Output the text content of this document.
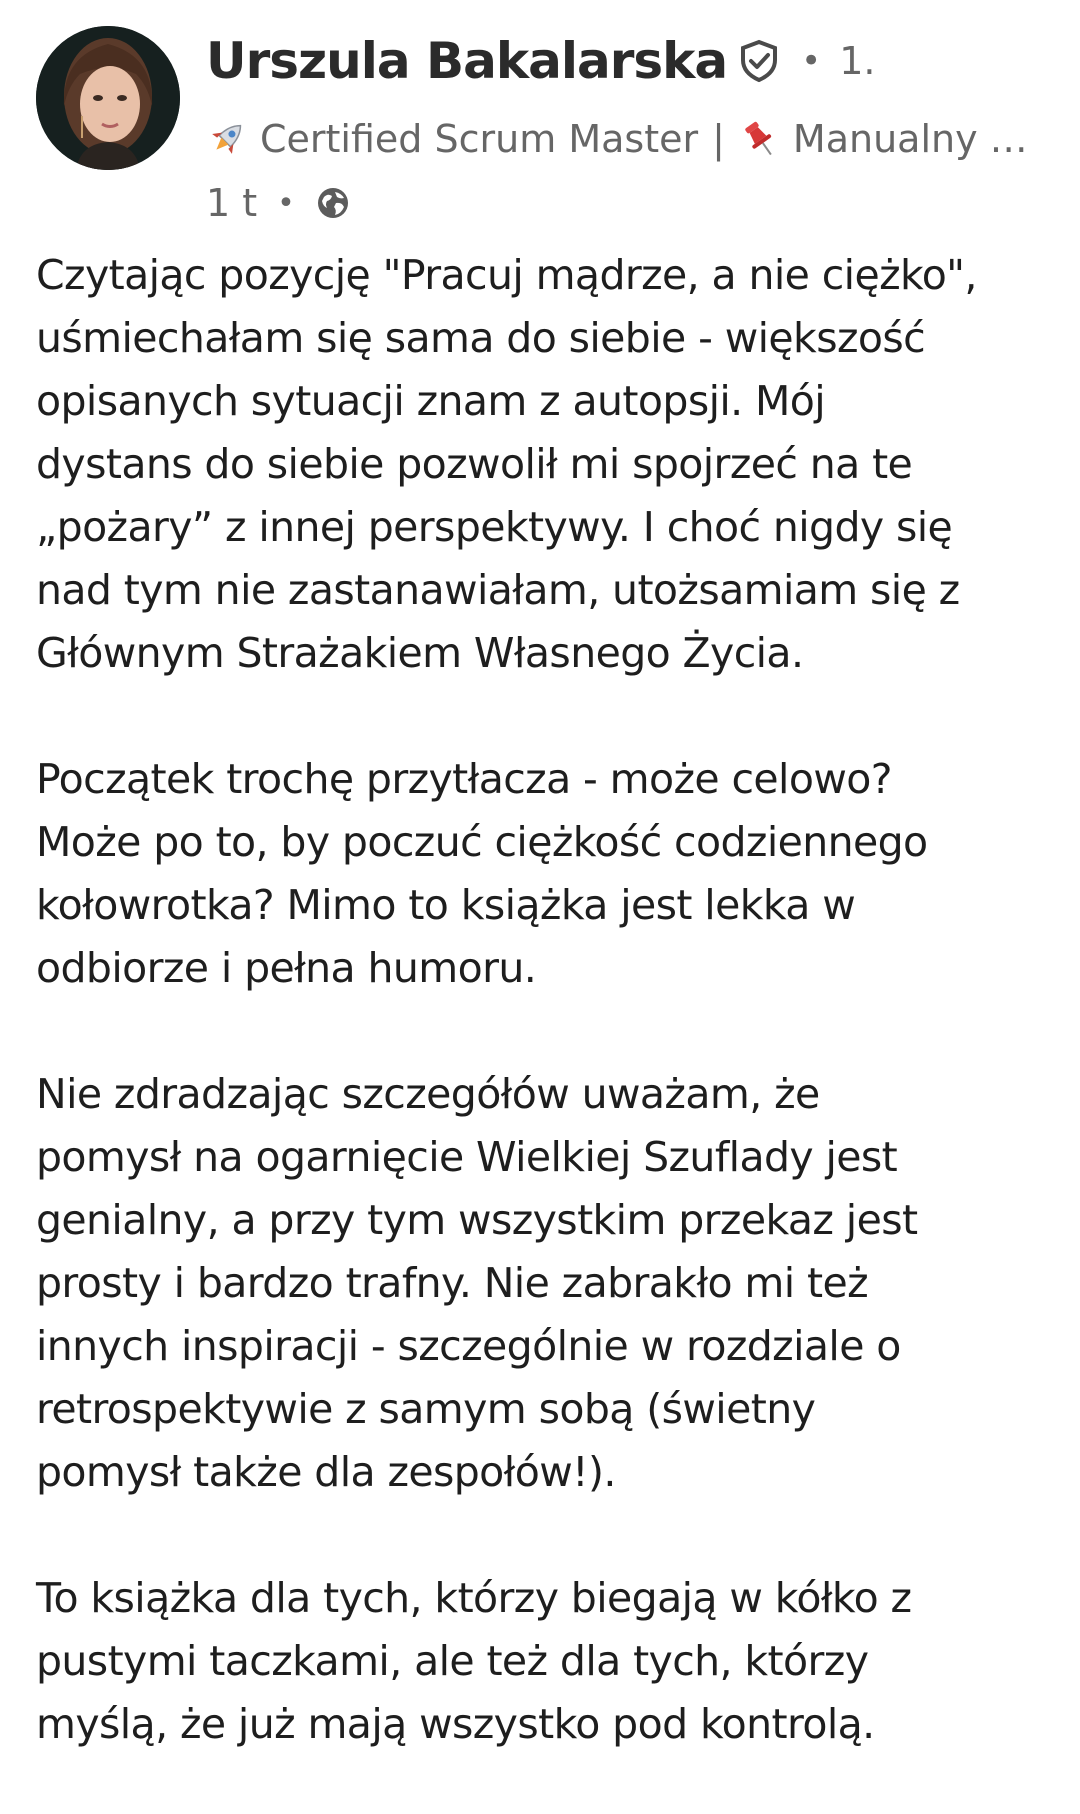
Urszula Bakalarska • 1.
Certified Scrum Master | Manualny …
1 t •

Czytając pozycję "Pracuj mądrze, a nie ciężko",
uśmiechałam się sama do siebie - większość
opisanych sytuacji znam z autopsji. Mój
dystans do siebie pozwolił mi spojrzeć na te
„pożary” z innej perspektywy. I choć nigdy się
nad tym nie zastanawiałam, utożsamiam się z
Głównym Strażakiem Własnego Życia.

Początek trochę przytłacza - może celowo?
Może po to, by poczuć ciężkość codziennego
kołowrotka? Mimo to książka jest lekka w
odbiorze i pełna humoru.

Nie zdradzając szczegółów uważam, że
pomysł na ogarnięcie Wielkiej Szuflady jest
genialny, a przy tym wszystkim przekaz jest
prosty i bardzo trafny. Nie zabrakło mi też
innych inspiracji - szczególnie w rozdziale o
retrospektywie z samym sobą (świetny
pomysł także dla zespołów!).

To książka dla tych, którzy biegają w kółko z
pustymi taczkami, ale też dla tych, którzy
myślą, że już mają wszystko pod kontrolą.
